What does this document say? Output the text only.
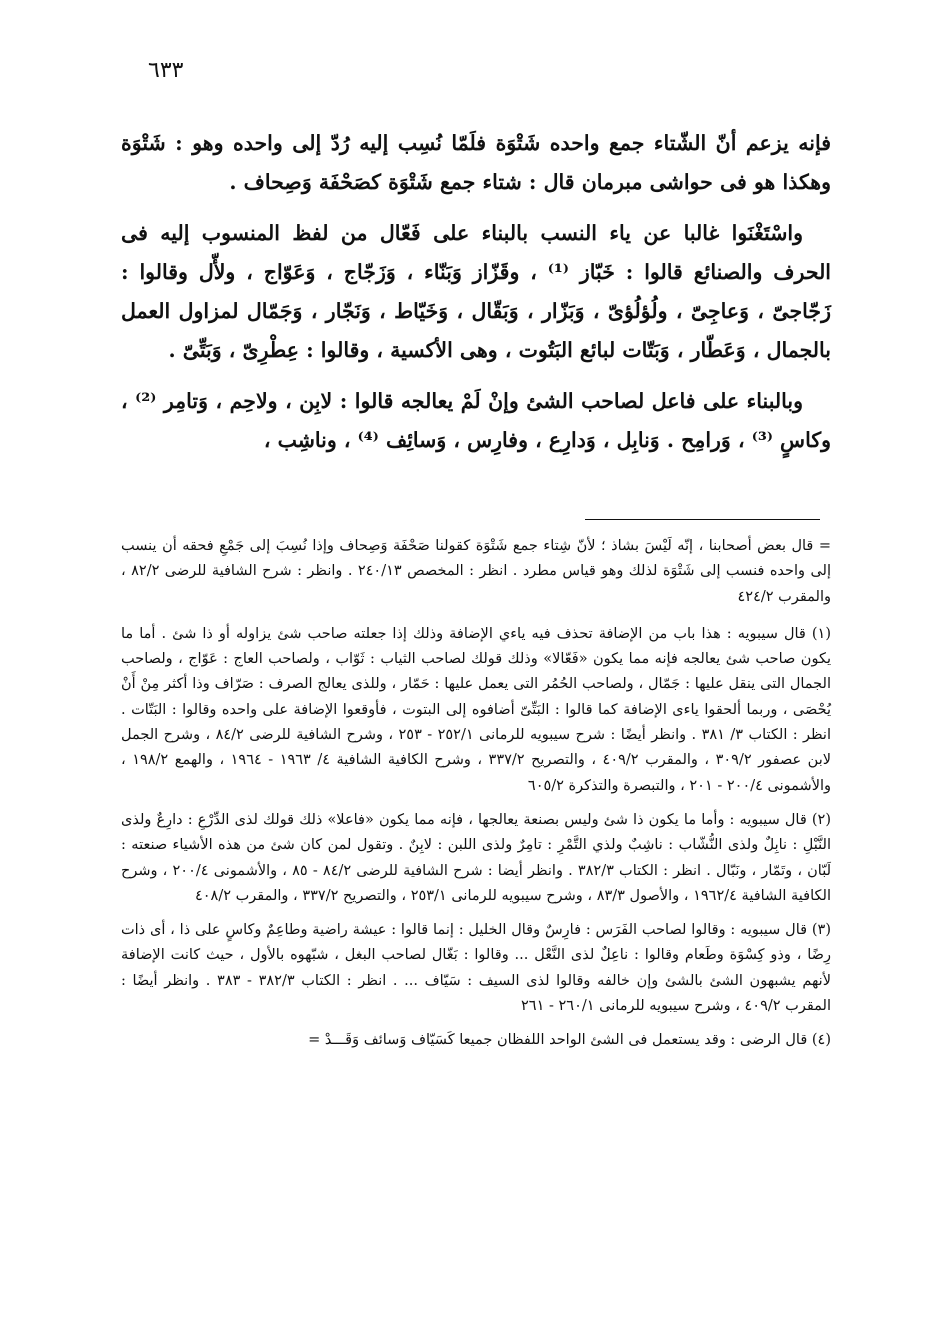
٦٣٣

فإنه يزعم أنّ الشّتاء جمع واحده شَتْوَة فلَمّا نُسِب إليه رُدّ إلى واحده وهو : شَتْوَة وهكذا هو فى حواشى مبرمان قال : شتاء جمع شَتْوَة كصَحْفَة وَصِحاف .

واسْتَغْنَوا غالبا عن ياء النسب بالبناء على فَعّال من لفظ المنسوب إليه فى الحرف والصنائع قالوا : خَبّاز ⁽¹⁾ ، وقَزّاز وَبَنّاء ، وَزَجّاج ، وَعَوّاج ، ولأّل وقالوا : زَجّاجىّ ، وَعاجِىّ ، ولُؤلُؤىّ ، وَبَزّار ، وَبَقّال ، وَخَيّاط ، وَنَجّار ، وَجَمّال لمزاول العمل بالجمال ، وَعَطّار ، وَبَتّات لبائع البَتُوت ، وهى الأكسية ، وقالوا : عِطْرِىّ ، وَبَتِّىّ .

وبالبناء على فاعل لصاحب الشئ وإنْ لَمْ يعالجه قالوا : لابِن ، ولاحِم ، وَتامِر ⁽²⁾ ، وكاسٍ ⁽³⁾ ، وَرامِح . وَنابِل ، وَدارِع ، وفارِس ، وَسائِف ⁽⁴⁾ ، وناشِب ،

= قال بعض أصحابنا ، إنّه لَيْسَ بشاذ ؛ لأنّ شِتاء جمع شَتْوَة كقولنا صَحْفَة وَصِحاف وإذا نُسِبَ إلى جَمْعِ فحقه أن ينسب إلى واحده فنسب إلى شَتْوَة لذلك وهو قياس مطرد . انظر : المخصص ٢٤٠/١٣ . وانظر : شرح الشافية للرضى ٨٢/٢ ، والمقرب ٤٢٤/٢

(١) قال سيبويه : هذا باب من الإضافة تحذف فيه ياءي الإضافة وذلك إذا جعلته صاحب شئ يزاوله أو ذا شئ . أما ما يكون صاحب شئ يعالجه فإنه مما يكون «فَعّالا» وذلك قولك لصاحب الثياب : ثَوّاب ، ولصاحب العاج : عَوّاج ، ولصاحب الجمال التى ينقل عليها : جَمّال ، ولصاحب الحُمُر التى يعمل عليها : حَمّار ، وللذى يعالج الصرف : صَرّاف وذا أكثر مِنْ أَنْ يُحْصَى ، وربما ألحقوا ياءى الإضافة كما قالوا : البَتِّىّ أضافوه إلى البتوت ، فأوقعوا الإضافة على واحده وقالوا : البَتّات . انظر : الكتاب ٣/ ٣٨١ . وانظر أيضًا : شرح سيبويه للرمانى ٢٥٢/١ - ٢٥٣ ، وشرح الشافية للرضى ٨٤/٢ ، وشرح الجمل لابن عصفور ٣٠٩/٢ ، والمقرب ٤٠٩/٢ ، والتصريح ٣٣٧/٢ ، وشرح الكافية الشافية ٤/ ١٩٦٣ - ١٩٦٤ ، والهمع ١٩٨/٢ ، والأشمونى ٢٠٠/٤ - ٢٠١ ، والتبصرة والتذكرة ٦٠٥/٢

(٢) قال سيبويه : وأما ما يكون ذا شئ وليس بصنعة يعالجها ، فإنه مما يكون «فاعلا» ذلك قولك لذى الدِّرْعِ : دارِعٌ ولذى النَّبْلِ : نابِلٌ ولذى النُّشّاب : ناشِبٌ ولذي التَّمْرِ : تامِرٌ ولذى اللبن : لابِنٌ . وتقول لمن كان شئ من هذه الأشياء صنعته : لَبّان ، وتَمّار ، ونَبّال . انظر : الكتاب ٣٨٢/٣ . وانظر أيضا : شرح الشافية للرضى ٨٤/٢ - ٨٥ ، والأشمونى ٢٠٠/٤ ، وشرح الكافية الشافية ١٩٦٢/٤ ، والأصول ٨٣/٣ ، وشرح سيبويه للرمانى ٢٥٣/١ ، والتصريح ٣٣٧/٢ ، والمقرب ٤٠٨/٢

(٣) قال سيبويه : وقالوا لصاحب الفَرَس : فارِسٌ وقال الخليل : إنما قالوا : عيشة راضية وطاعِمٌ وكاسٍ على ذا ، أى ذات رِضًا ، وذو كِسْوَة وطَعام وقالوا : ناعِلٌ لذى النَّعْل ... وقالوا : بَغّال لصاحب البغل ، شبّهوه بالأول ، حيث كانت الإضافة لأنهم يشبهون الشئ بالشئ وإن خالفه وقالوا لذى السيف : سَيّاف ... . انظر : الكتاب ٣٨٢/٣ - ٣٨٣ . وانظر أيضًا : المقرب ٤٠٩/٢ ، وشرح سيبويه للرمانى ٢٦٠/١ - ٢٦١

(٤) قال الرضى : وقد يستعمل فى الشئ الواحد اللفظان جميعا كَسَيّاف وَسائف وَقَـــدْ =
